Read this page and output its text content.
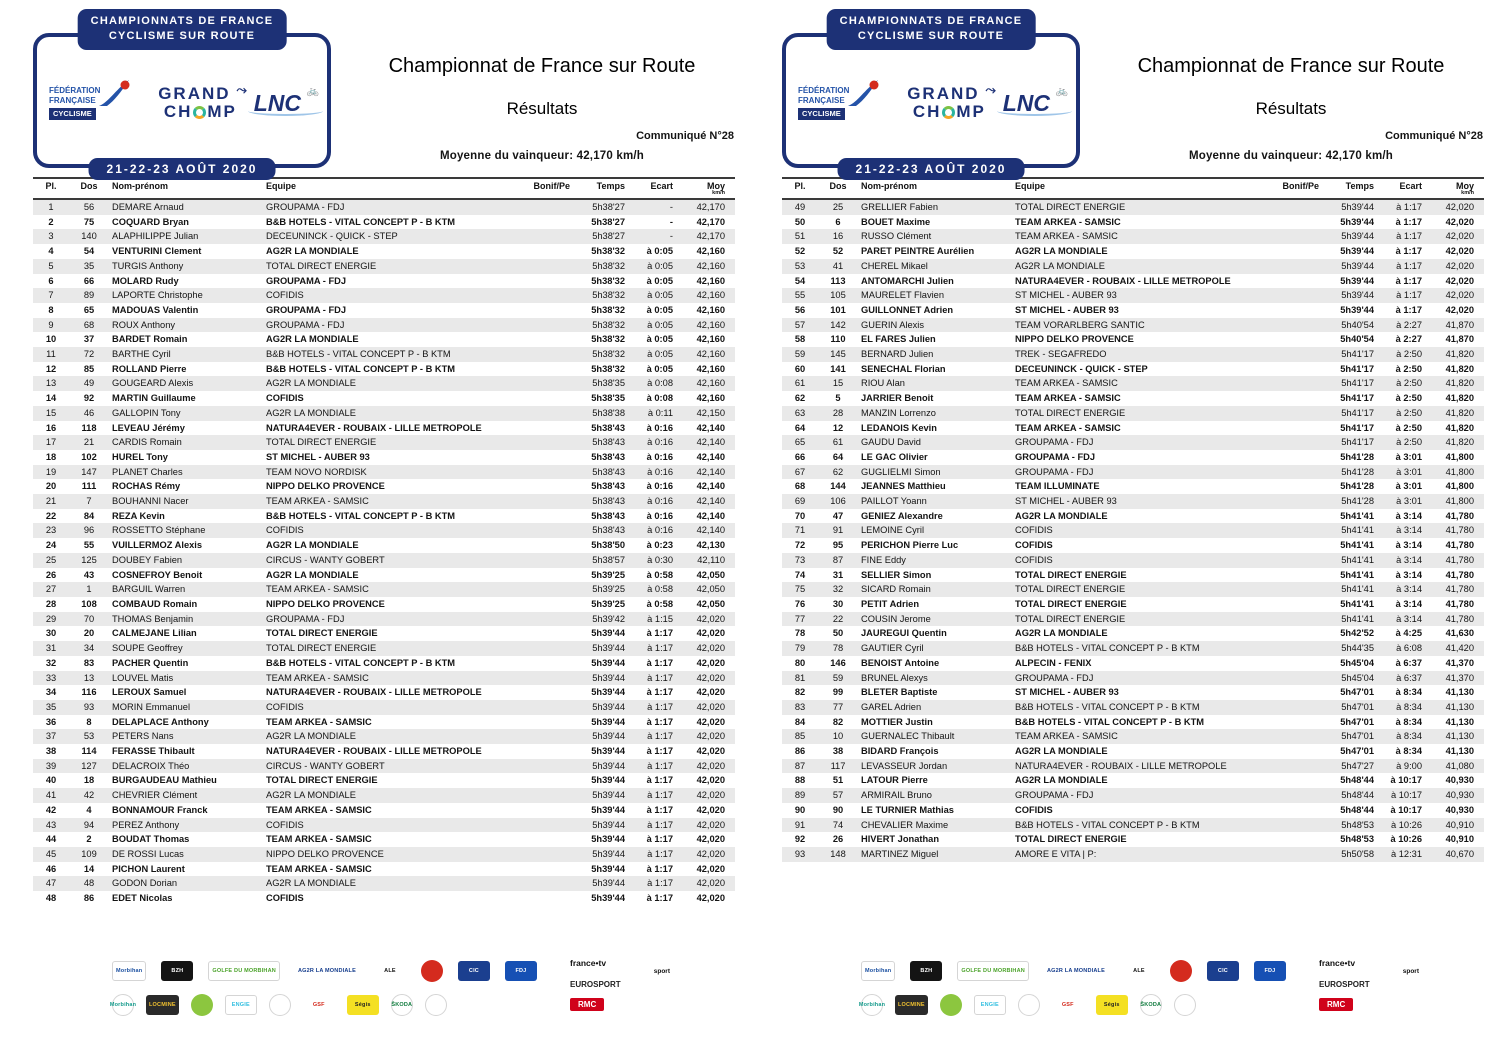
FÉDÉRATION
FRANÇAISE
CYCLISME
GRAND ⤳
CH MP LNC 🚲
CHAMPIONNATS DE FRANCE
CYCLISME SUR ROUTE
21-22-23 AOÛT 2020
Championnat de France sur Route
Résultats
Communiqué N°28
Moyenne du vainqueur: 42,170 km/h
Pl.	Dos	Nom-prénom	Equipe	Bonif/Pe	Temps	Ecart	Moy
km/h

1	56	DEMARE Arnaud	GROUPAMA - FDJ		5h38'27	-	42,170
2	75	COQUARD Bryan	B&B HOTELS - VITAL CONCEPT P - B KTM		5h38'27	-	42,170
3	140	ALAPHILIPPE Julian	DECEUNINCK - QUICK - STEP		5h38'27	-	42,170
4	54	VENTURINI Clement	AG2R LA MONDIALE		5h38'32	à 0:05	42,160
5	35	TURGIS Anthony	TOTAL DIRECT ENERGIE		5h38'32	à 0:05	42,160
6	66	MOLARD Rudy	GROUPAMA - FDJ		5h38'32	à 0:05	42,160
7	89	LAPORTE Christophe	COFIDIS		5h38'32	à 0:05	42,160
8	65	MADOUAS Valentin	GROUPAMA - FDJ		5h38'32	à 0:05	42,160
9	68	ROUX Anthony	GROUPAMA - FDJ		5h38'32	à 0:05	42,160
10	37	BARDET Romain	AG2R LA MONDIALE		5h38'32	à 0:05	42,160
11	72	BARTHE Cyril	B&B HOTELS - VITAL CONCEPT P - B KTM		5h38'32	à 0:05	42,160
12	85	ROLLAND Pierre	B&B HOTELS - VITAL CONCEPT P - B KTM		5h38'32	à 0:05	42,160
13	49	GOUGEARD Alexis	AG2R LA MONDIALE		5h38'35	à 0:08	42,160
14	92	MARTIN Guillaume	COFIDIS		5h38'35	à 0:08	42,160
15	46	GALLOPIN Tony	AG2R LA MONDIALE		5h38'38	à 0:11	42,150
16	118	LEVEAU Jérémy	NATURA4EVER - ROUBAIX - LILLE METROPOLE		5h38'43	à 0:16	42,140
17	21	CARDIS Romain	TOTAL DIRECT ENERGIE		5h38'43	à 0:16	42,140
18	102	HUREL Tony	ST MICHEL - AUBER 93		5h38'43	à 0:16	42,140
19	147	PLANET Charles	TEAM NOVO NORDISK		5h38'43	à 0:16	42,140
20	111	ROCHAS Rémy	NIPPO DELKO PROVENCE		5h38'43	à 0:16	42,140
21	7	BOUHANNI Nacer	TEAM ARKEA - SAMSIC		5h38'43	à 0:16	42,140
22	84	REZA Kevin	B&B HOTELS - VITAL CONCEPT P - B KTM		5h38'43	à 0:16	42,140
23	96	ROSSETTO Stéphane	COFIDIS		5h38'43	à 0:16	42,140
24	55	VUILLERMOZ Alexis	AG2R LA MONDIALE		5h38'50	à 0:23	42,130
25	125	DOUBEY Fabien	CIRCUS - WANTY GOBERT		5h38'57	à 0:30	42,110
26	43	COSNEFROY Benoit	AG2R LA MONDIALE		5h39'25	à 0:58	42,050
27	1	BARGUIL Warren	TEAM ARKEA - SAMSIC		5h39'25	à 0:58	42,050
28	108	COMBAUD Romain	NIPPO DELKO PROVENCE		5h39'25	à 0:58	42,050
29	70	THOMAS Benjamin	GROUPAMA - FDJ		5h39'42	à 1:15	42,020
30	20	CALMEJANE Lilian	TOTAL DIRECT ENERGIE		5h39'44	à 1:17	42,020
31	34	SOUPE Geoffrey	TOTAL DIRECT ENERGIE		5h39'44	à 1:17	42,020
32	83	PACHER Quentin	B&B HOTELS - VITAL CONCEPT P - B KTM		5h39'44	à 1:17	42,020
33	13	LOUVEL Matis	TEAM ARKEA - SAMSIC		5h39'44	à 1:17	42,020
34	116	LEROUX Samuel	NATURA4EVER - ROUBAIX - LILLE METROPOLE		5h39'44	à 1:17	42,020
35	93	MORIN Emmanuel	COFIDIS		5h39'44	à 1:17	42,020
36	8	DELAPLACE Anthony	TEAM ARKEA - SAMSIC		5h39'44	à 1:17	42,020
37	53	PETERS Nans	AG2R LA MONDIALE		5h39'44	à 1:17	42,020
38	114	FERASSE Thibault	NATURA4EVER - ROUBAIX - LILLE METROPOLE		5h39'44	à 1:17	42,020
39	127	DELACROIX Théo	CIRCUS - WANTY GOBERT		5h39'44	à 1:17	42,020
40	18	BURGAUDEAU Mathieu	TOTAL DIRECT ENERGIE		5h39'44	à 1:17	42,020
41	42	CHEVRIER Clément	AG2R LA MONDIALE		5h39'44	à 1:17	42,020
42	4	BONNAMOUR Franck	TEAM ARKEA - SAMSIC		5h39'44	à 1:17	42,020
43	94	PEREZ Anthony	COFIDIS		5h39'44	à 1:17	42,020
44	2	BOUDAT Thomas	TEAM ARKEA - SAMSIC		5h39'44	à 1:17	42,020
45	109	DE ROSSI Lucas	NIPPO DELKO PROVENCE		5h39'44	à 1:17	42,020
46	14	PICHON Laurent	TEAM ARKEA - SAMSIC		5h39'44	à 1:17	42,020
47	48	GODON Dorian	AG2R LA MONDIALE		5h39'44	à 1:17	42,020
48	86	EDET Nicolas	COFIDIS		5h39'44	à 1:17	42,020
Morbihan	BZH	GOLFE DU MORBIHAN	AG2R LA MONDIALE	ALE	CIC	FDJ
Morbihan	LOCMINE	ENGIE	GSF	Ségis	ŠKODA
france•tv
sport
EUROSPORT
RMC
FÉDÉRATION
FRANÇAISE
CYCLISME
GRAND ⤳
CH MP LNC 🚲
CHAMPIONNATS DE FRANCE
CYCLISME SUR ROUTE
21-22-23 AOÛT 2020
Championnat de France sur Route
Résultats
Communiqué N°28
Moyenne du vainqueur: 42,170 km/h
Pl.	Dos	Nom-prénom	Equipe	Bonif/Pe	Temps	Ecart	Moy
km/h

49	25	GRELLIER Fabien	TOTAL DIRECT ENERGIE		5h39'44	à 1:17	42,020
50	6	BOUET Maxime	TEAM ARKEA - SAMSIC		5h39'44	à 1:17	42,020
51	16	RUSSO Clément	TEAM ARKEA - SAMSIC		5h39'44	à 1:17	42,020
52	52	PARET PEINTRE Aurélien	AG2R LA MONDIALE		5h39'44	à 1:17	42,020
53	41	CHEREL Mikael	AG2R LA MONDIALE		5h39'44	à 1:17	42,020
54	113	ANTOMARCHI Julien	NATURA4EVER - ROUBAIX - LILLE METROPOLE		5h39'44	à 1:17	42,020
55	105	MAURELET Flavien	ST MICHEL - AUBER 93		5h39'44	à 1:17	42,020
56	101	GUILLONNET Adrien	ST MICHEL - AUBER 93		5h39'44	à 1:17	42,020
57	142	GUERIN Alexis	TEAM VORARLBERG SANTIC		5h40'54	à 2:27	41,870
58	110	EL FARES Julien	NIPPO DELKO PROVENCE		5h40'54	à 2:27	41,870
59	145	BERNARD Julien	TREK - SEGAFREDO		5h41'17	à 2:50	41,820
60	141	SENECHAL Florian	DECEUNINCK - QUICK - STEP		5h41'17	à 2:50	41,820
61	15	RIOU Alan	TEAM ARKEA - SAMSIC		5h41'17	à 2:50	41,820
62	5	JARRIER Benoit	TEAM ARKEA - SAMSIC		5h41'17	à 2:50	41,820
63	28	MANZIN Lorrenzo	TOTAL DIRECT ENERGIE		5h41'17	à 2:50	41,820
64	12	LEDANOIS Kevin	TEAM ARKEA - SAMSIC		5h41'17	à 2:50	41,820
65	61	GAUDU David	GROUPAMA - FDJ		5h41'17	à 2:50	41,820
66	64	LE GAC Olivier	GROUPAMA - FDJ		5h41'28	à 3:01	41,800
67	62	GUGLIELMI Simon	GROUPAMA - FDJ		5h41'28	à 3:01	41,800
68	144	JEANNES Matthieu	TEAM ILLUMINATE		5h41'28	à 3:01	41,800
69	106	PAILLOT Yoann	ST MICHEL - AUBER 93		5h41'28	à 3:01	41,800
70	47	GENIEZ Alexandre	AG2R LA MONDIALE		5h41'41	à 3:14	41,780
71	91	LEMOINE Cyril	COFIDIS		5h41'41	à 3:14	41,780
72	95	PERICHON Pierre Luc	COFIDIS		5h41'41	à 3:14	41,780
73	87	FINE Eddy	COFIDIS		5h41'41	à 3:14	41,780
74	31	SELLIER Simon	TOTAL DIRECT ENERGIE		5h41'41	à 3:14	41,780
75	32	SICARD Romain	TOTAL DIRECT ENERGIE		5h41'41	à 3:14	41,780
76	30	PETIT Adrien	TOTAL DIRECT ENERGIE		5h41'41	à 3:14	41,780
77	22	COUSIN Jerome	TOTAL DIRECT ENERGIE		5h41'41	à 3:14	41,780
78	50	JAUREGUI Quentin	AG2R LA MONDIALE		5h42'52	à 4:25	41,630
79	78	GAUTIER Cyril	B&B HOTELS - VITAL CONCEPT P - B KTM		5h44'35	à 6:08	41,420
80	146	BENOIST Antoine	ALPECIN - FENIX		5h45'04	à 6:37	41,370
81	59	BRUNEL Alexys	GROUPAMA - FDJ		5h45'04	à 6:37	41,370
82	99	BLETER Baptiste	ST MICHEL - AUBER 93		5h47'01	à 8:34	41,130
83	77	GAREL Adrien	B&B HOTELS - VITAL CONCEPT P - B KTM		5h47'01	à 8:34	41,130
84	82	MOTTIER Justin	B&B HOTELS - VITAL CONCEPT P - B KTM		5h47'01	à 8:34	41,130
85	10	GUERNALEC Thibault	TEAM ARKEA - SAMSIC		5h47'01	à 8:34	41,130
86	38	BIDARD François	AG2R LA MONDIALE		5h47'01	à 8:34	41,130
87	117	LEVASSEUR Jordan	NATURA4EVER - ROUBAIX - LILLE METROPOLE		5h47'27	à 9:00	41,080
88	51	LATOUR Pierre	AG2R LA MONDIALE		5h48'44	à 10:17	40,930
89	57	ARMIRAIL Bruno	GROUPAMA - FDJ		5h48'44	à 10:17	40,930
90	90	LE TURNIER Mathias	COFIDIS		5h48'44	à 10:17	40,930
91	74	CHEVALIER Maxime	B&B HOTELS - VITAL CONCEPT P - B KTM		5h48'53	à 10:26	40,910
92	26	HIVERT Jonathan	TOTAL DIRECT ENERGIE		5h48'53	à 10:26	40,910
93	148	MARTINEZ Miguel	AMORE E VITA | P:		5h50'58	à 12:31	40,670
Morbihan	BZH	GOLFE DU MORBIHAN	AG2R LA MONDIALE	ALE	CIC	FDJ
Morbihan	LOCMINE	ENGIE	GSF	Ségis	ŠKODA
france•tv
sport
EUROSPORT
RMC
